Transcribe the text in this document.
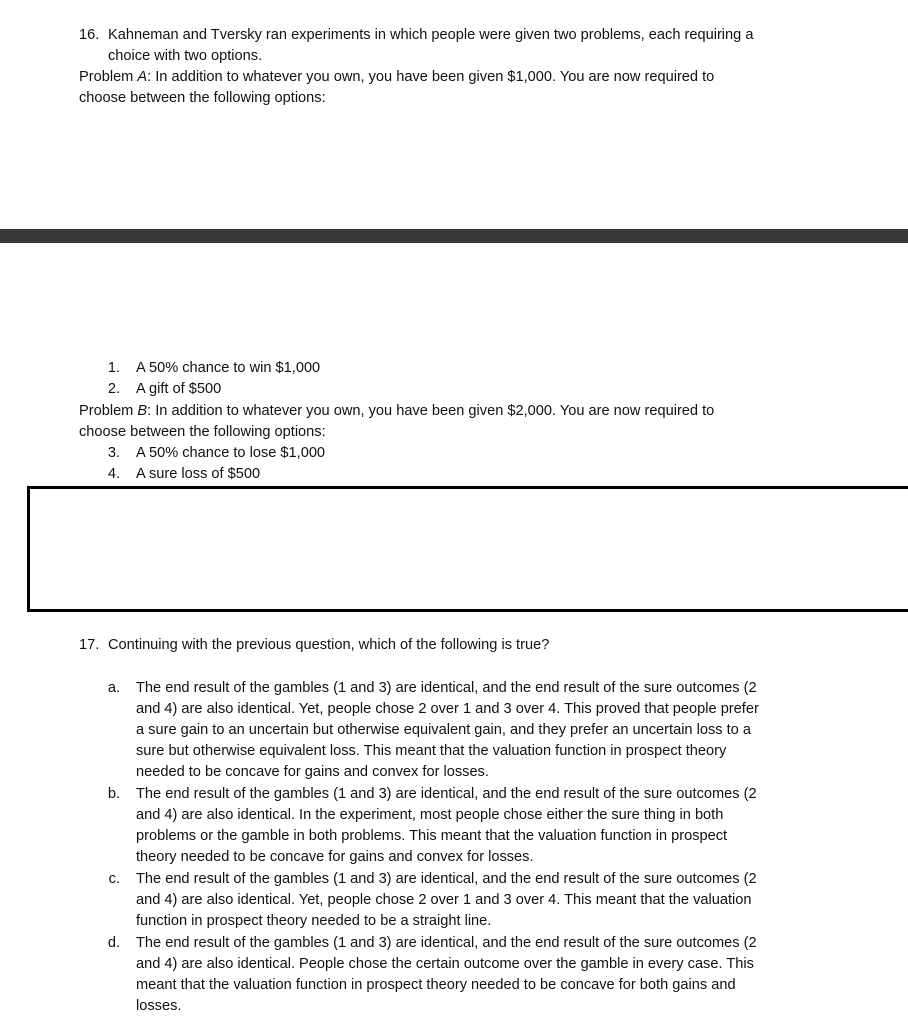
16. Kahneman and Tversky ran experiments in which people were given two problems, each requiring a
choice with two options.
Problem A: In addition to whatever you own, you have been given $1,000. You are now required to
choose between the following options:
1. A 50% chance to win $1,000
2. A gift of $500
Problem B: In addition to whatever you own, you have been given $2,000. You are now required to
choose between the following options:
3. A 50% chance to lose $1,000
4. A sure loss of $500
17. Continuing with the previous question, which of the following is true?
a. The end result of the gambles (1 and 3) are identical, and the end result of the sure outcomes (2
and 4) are also identical. Yet, people chose 2 over 1 and 3 over 4. This proved that people prefer
a sure gain to an uncertain but otherwise equivalent gain, and they prefer an uncertain loss to a
sure but otherwise equivalent loss. This meant that the valuation function in prospect theory
needed to be concave for gains and convex for losses.
b. The end result of the gambles (1 and 3) are identical, and the end result of the sure outcomes (2
and 4) are also identical. In the experiment, most people chose either the sure thing in both
problems or the gamble in both problems. This meant that the valuation function in prospect
theory needed to be concave for gains and convex for losses.
c. The end result of the gambles (1 and 3) are identical, and the end result of the sure outcomes (2
and 4) are also identical. Yet, people chose 2 over 1 and 3 over 4. This meant that the valuation
function in prospect theory needed to be a straight line.
d. The end result of the gambles (1 and 3) are identical, and the end result of the sure outcomes (2
and 4) are also identical. People chose the certain outcome over the gamble in every case. This
meant that the valuation function in prospect theory needed to be concave for both gains and
losses.
